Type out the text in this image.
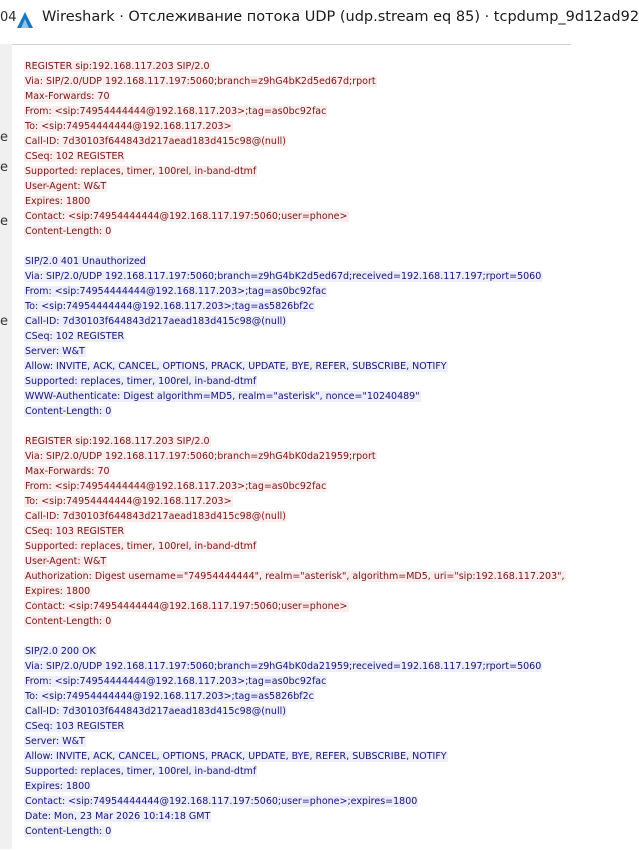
04 Wireshark · Отслеживание потока UDP (udp.stream eq 85) · tcpdump_9d12ad92
e
e
e
e
REGISTER sip:192.168.117.203 SIP/2.0
Via: SIP/2.0/UDP 192.168.117.197:5060;branch=z9hG4bK2d5ed67d;rport
Max-Forwards: 70
From: <sip:74954444444@192.168.117.203>;tag=as0bc92fac
To: <sip:74954444444@192.168.117.203>
Call-ID: 7d30103f644843d217aead183d415c98@(null)
CSeq: 102 REGISTER
Supported: replaces, timer, 100rel, in-band-dtmf
User-Agent: W&T
Expires: 1800
Contact: <sip:74954444444@192.168.117.197:5060;user=phone>
Content-Length: 0
SIP/2.0 401 Unauthorized
Via: SIP/2.0/UDP 192.168.117.197:5060;branch=z9hG4bK2d5ed67d;received=192.168.117.197;rport=5060
From: <sip:74954444444@192.168.117.203>;tag=as0bc92fac
To: <sip:74954444444@192.168.117.203>;tag=as5826bf2c
Call-ID: 7d30103f644843d217aead183d415c98@(null)
CSeq: 102 REGISTER
Server: W&T
Allow: INVITE, ACK, CANCEL, OPTIONS, PRACK, UPDATE, BYE, REFER, SUBSCRIBE, NOTIFY
Supported: replaces, timer, 100rel, in-band-dtmf
WWW-Authenticate: Digest algorithm=MD5, realm="asterisk", nonce="10240489"
Content-Length: 0
REGISTER sip:192.168.117.203 SIP/2.0
Via: SIP/2.0/UDP 192.168.117.197:5060;branch=z9hG4bK0da21959;rport
Max-Forwards: 70
From: <sip:74954444444@192.168.117.203>;tag=as0bc92fac
To: <sip:74954444444@192.168.117.203>
Call-ID: 7d30103f644843d217aead183d415c98@(null)
CSeq: 103 REGISTER
Supported: replaces, timer, 100rel, in-band-dtmf
User-Agent: W&T
Authorization: Digest username="74954444444", realm="asterisk", algorithm=MD5, uri="sip:192.168.117.203",
Expires: 1800
Contact: <sip:74954444444@192.168.117.197:5060;user=phone>
Content-Length: 0
SIP/2.0 200 OK
Via: SIP/2.0/UDP 192.168.117.197:5060;branch=z9hG4bK0da21959;received=192.168.117.197;rport=5060
From: <sip:74954444444@192.168.117.203>;tag=as0bc92fac
To: <sip:74954444444@192.168.117.203>;tag=as5826bf2c
Call-ID: 7d30103f644843d217aead183d415c98@(null)
CSeq: 103 REGISTER
Server: W&T
Allow: INVITE, ACK, CANCEL, OPTIONS, PRACK, UPDATE, BYE, REFER, SUBSCRIBE, NOTIFY
Supported: replaces, timer, 100rel, in-band-dtmf
Expires: 1800
Contact: <sip:74954444444@192.168.117.197:5060;user=phone>;expires=1800
Date: Mon, 23 Mar 2026 10:14:18 GMT
Content-Length: 0
